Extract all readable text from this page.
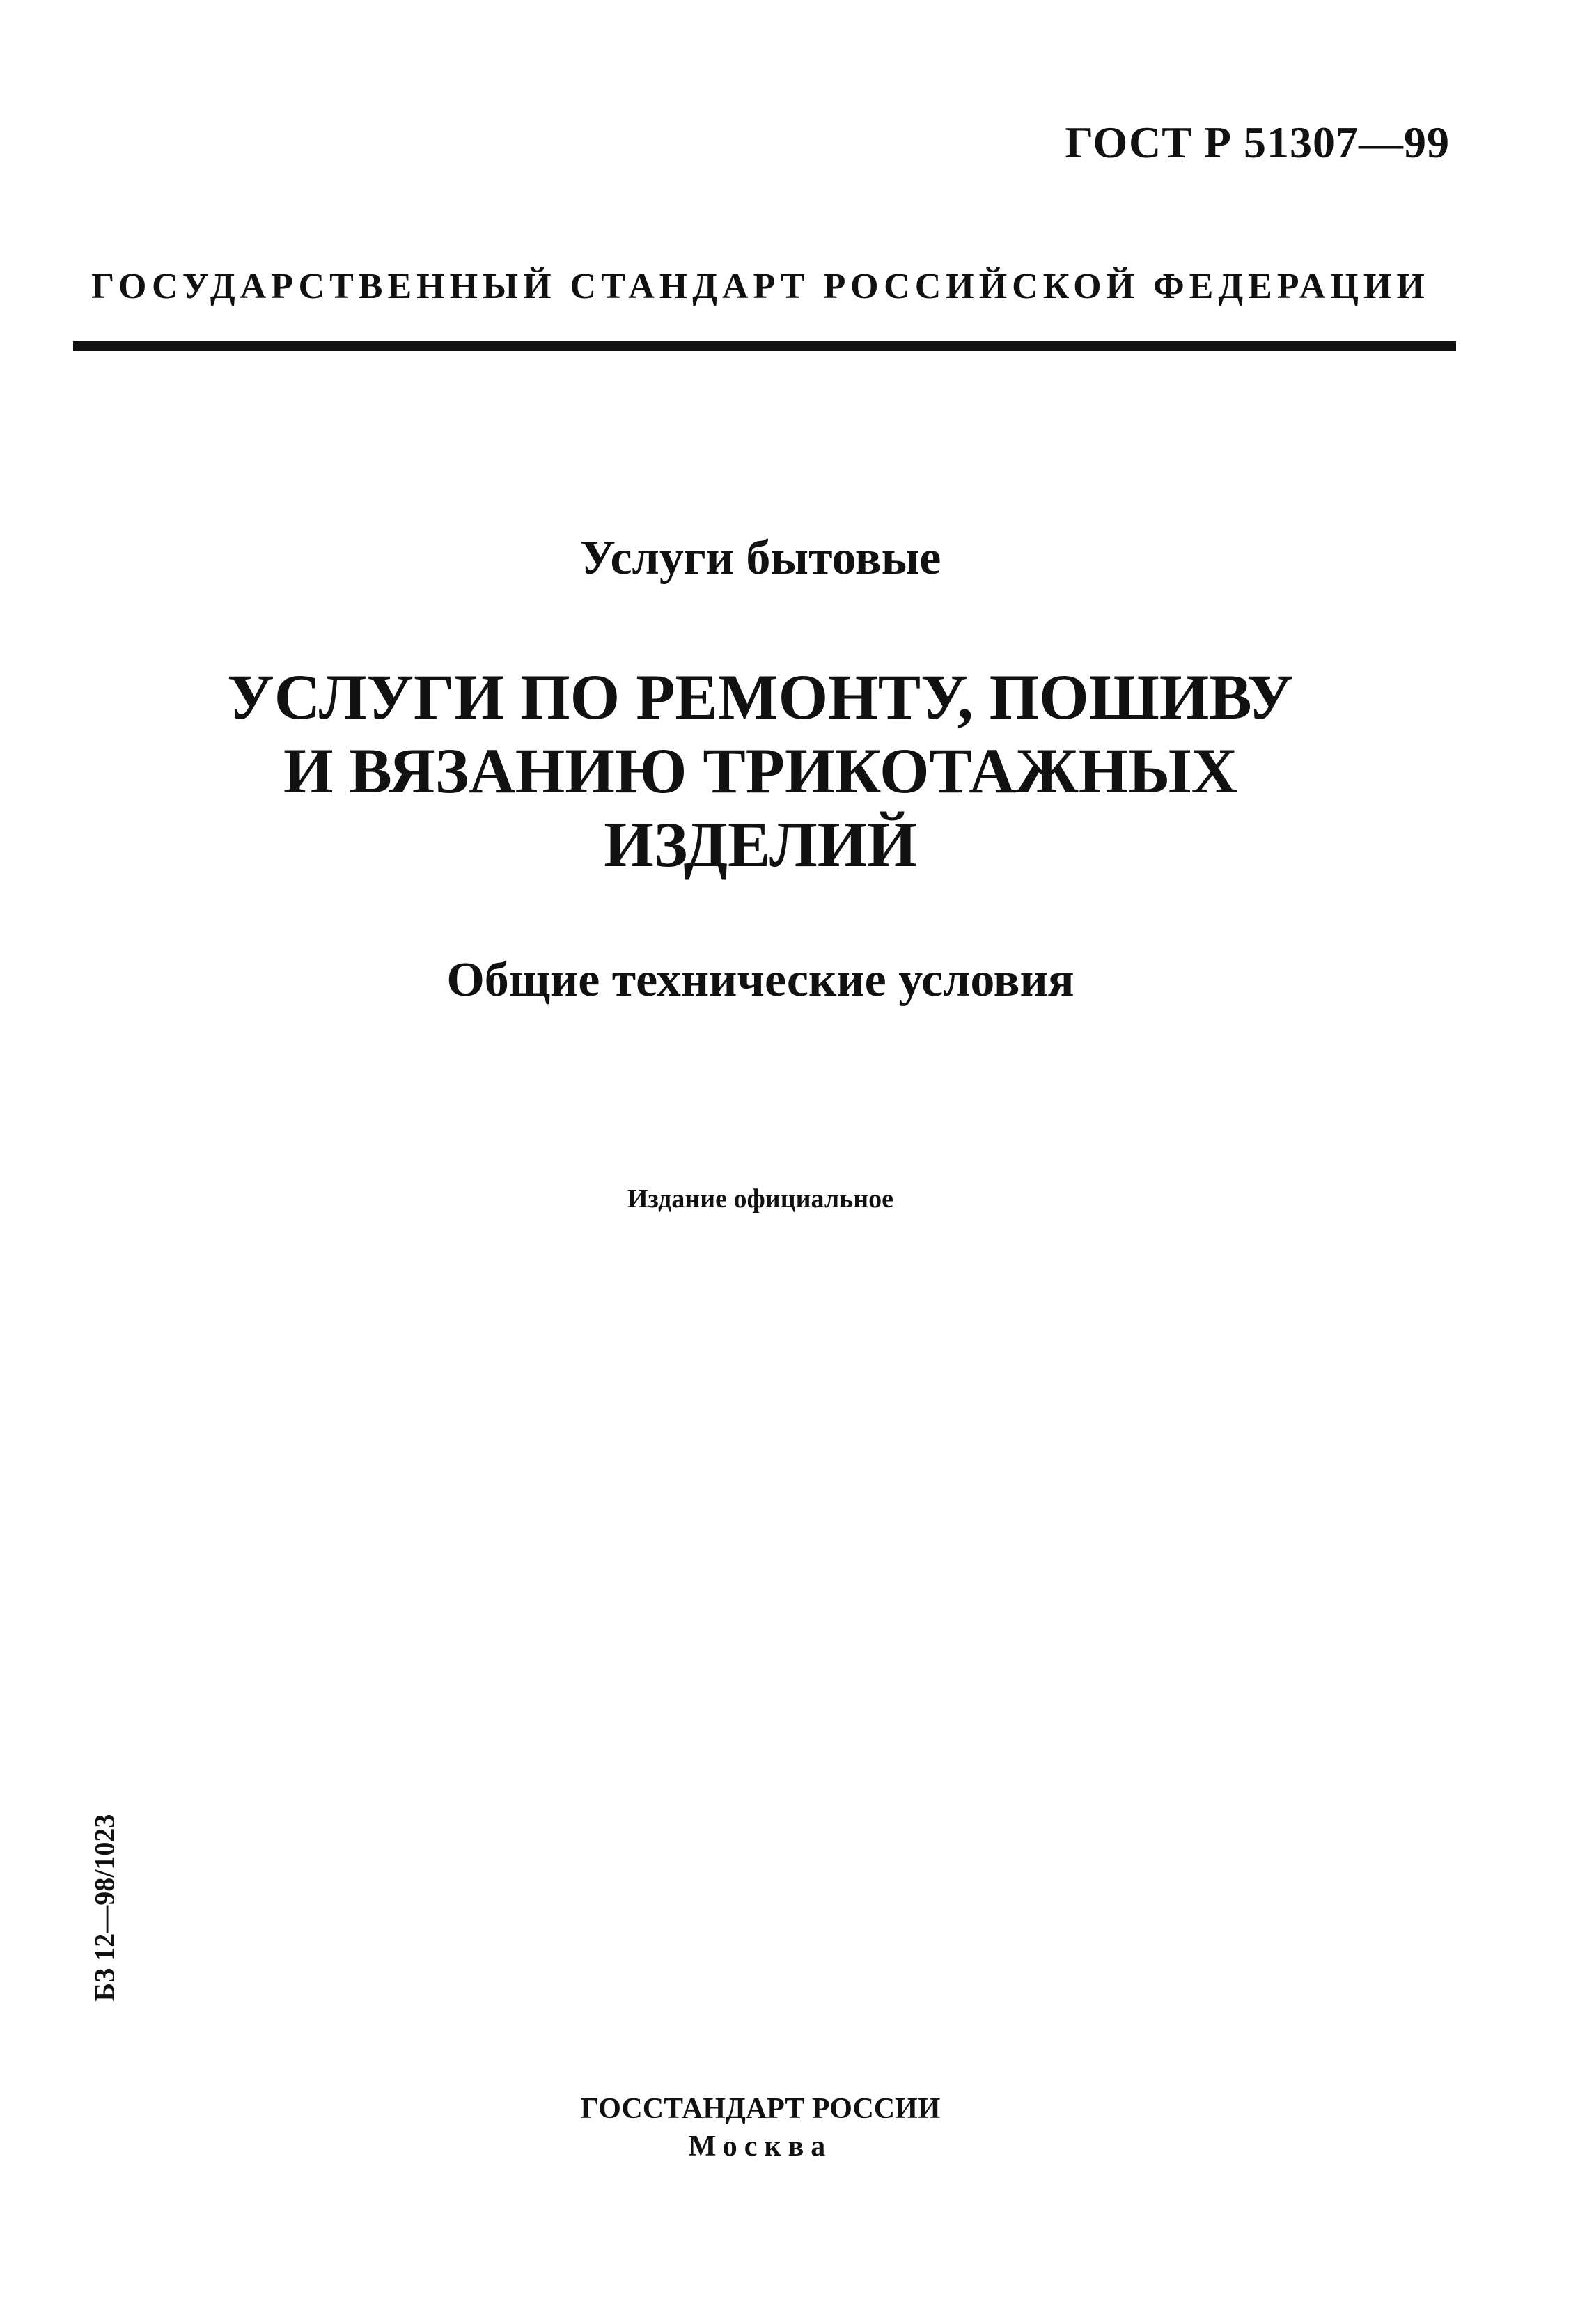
ГОСТ Р 51307—99
ГОСУДАРСТВЕННЫЙ СТАНДАРТ РОССИЙСКОЙ ФЕДЕРАЦИИ
Услуги бытовые
УСЛУГИ ПО РЕМОНТУ, ПОШИВУ
И ВЯЗАНИЮ ТРИКОТАЖНЫХ
ИЗДЕЛИЙ
Общие технические условия
Издание официальное
БЗ 12—98/1023
ГОССТАНДАРТ РОССИИ
Москва
